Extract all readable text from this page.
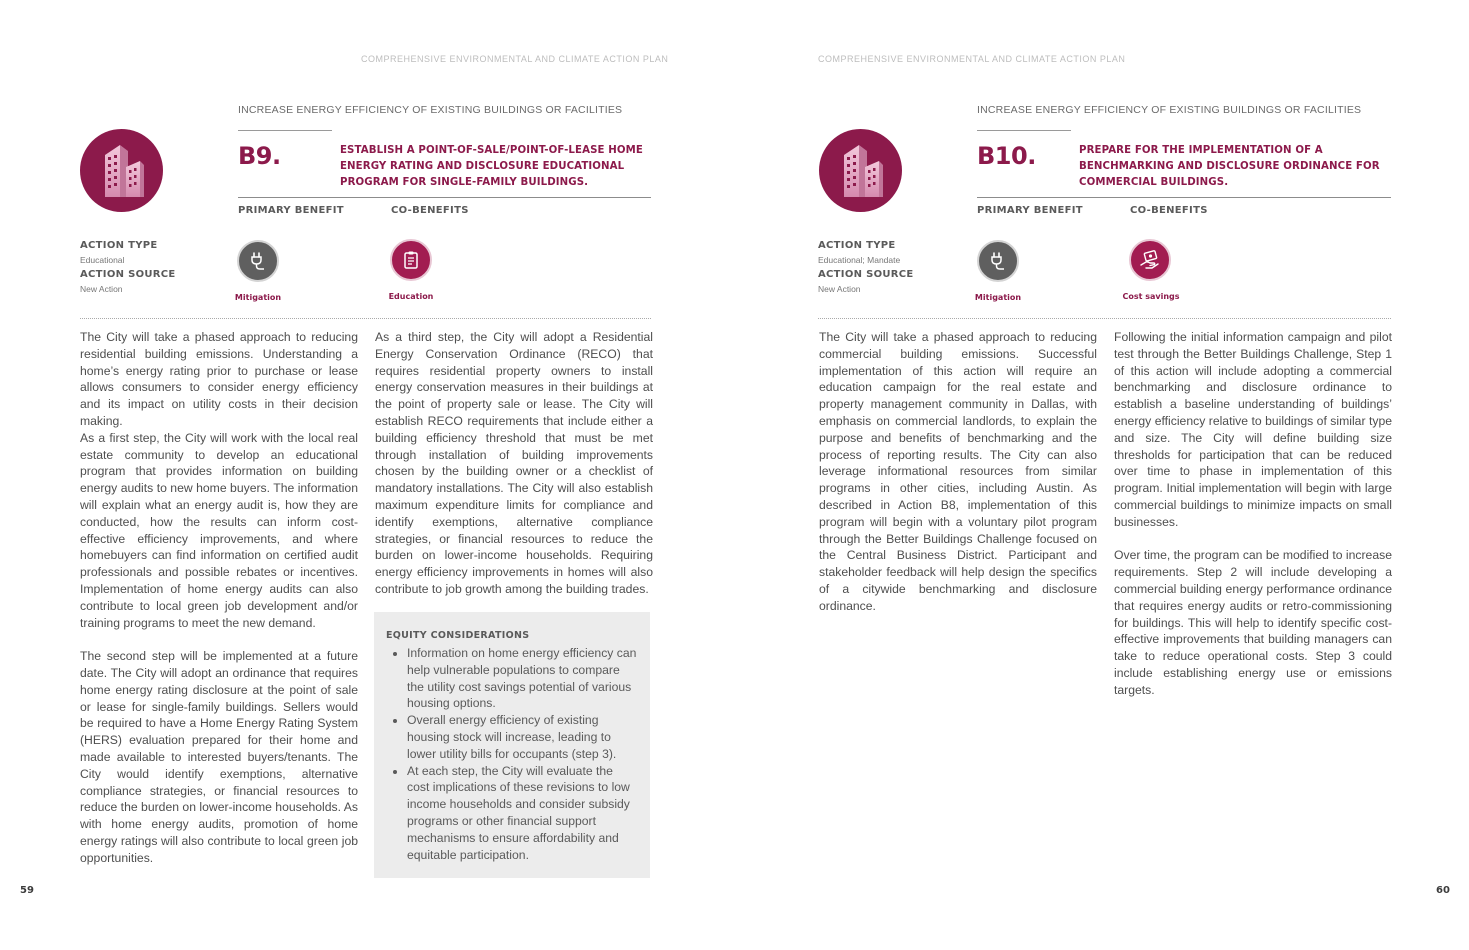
COMPREHENSIVE ENVIRONMENTAL AND CLIMATE ACTION PLAN
INCREASE ENERGY EFFICIENCY OF EXISTING BUILDINGS OR FACILITIES
B9.	ESTABLISH A POINT-OF-SALE/POINT-OF-LEASE HOME ENERGY RATING AND DISCLOSURE EDUCATIONAL PROGRAM FOR SINGLE-FAMILY BUILDINGS.
PRIMARY BENEFIT	CO-BENEFITS
ACTION TYPE
Educational
ACTION SOURCE
New Action
Mitigation	Education

The City will take a phased approach to reducing residential building emissions. Understanding a home’s energy rating prior to purchase or lease allows consumers to consider energy efficiency and its impact on utility costs in their decision making.

As a first step, the City will work with the local real estate community to develop an educational program that provides information on building energy audits to new home buyers. The information will explain what an energy audit is, how they are conducted, how the results can inform cost-effective efficiency improvements, and where homebuyers can find information on certified audit professionals and possible rebates or incentives. Implementation of home energy audits can also contribute to local green job development and/or training programs to meet the new demand.

The second step will be implemented at a future date. The City will adopt an ordinance that requires home energy rating disclosure at the point of sale or lease for single-family buildings. Sellers would be required to have a Home Energy Rating System (HERS) evaluation prepared for their home and made available to interested buyers/tenants. The City would identify exemptions, alternative compliance strategies, or financial resources to reduce the burden on lower-income households. As with home energy audits, promotion of home energy ratings will also contribute to local green job opportunities.

As a third step, the City will adopt a Residential Energy Conservation Ordinance (RECO) that requires residential property owners to install energy conservation measures in their buildings at the point of property sale or lease. The City will establish RECO requirements that include either a building efficiency threshold that must be met through installation of building improvements chosen by the building owner or a checklist of mandatory installations. The City will also establish maximum expenditure limits for compliance and identify exemptions, alternative compliance strategies, or financial resources to reduce the burden on lower-income households. Requiring energy efficiency improvements in homes will also contribute to job growth among the building trades.

EQUITY CONSIDERATIONS
• Information on home energy efficiency can help vulnerable populations to compare the utility cost savings potential of various housing options.
• Overall energy efficiency of existing housing stock will increase, leading to lower utility bills for occupants (step 3).
• At each step, the City will evaluate the cost implications of these revisions to low income households and consider subsidy programs or other financial support mechanisms to ensure affordability and equitable participation.
59
COMPREHENSIVE ENVIRONMENTAL AND CLIMATE ACTION PLAN
INCREASE ENERGY EFFICIENCY OF EXISTING BUILDINGS OR FACILITIES
B10.	PREPARE FOR THE IMPLEMENTATION OF A BENCHMARKING AND DISCLOSURE ORDINANCE FOR COMMERCIAL BUILDINGS.
PRIMARY BENEFIT	CO-BENEFITS
ACTION TYPE
Educational; Mandate
ACTION SOURCE
New Action
Mitigation	Cost savings

The City will take a phased approach to reducing commercial building emissions. Successful implementation of this action will require an education campaign for the real estate and property management community in Dallas, with emphasis on commercial landlords, to explain the purpose and benefits of benchmarking and the process of reporting results. The City can also leverage informational resources from similar programs in other cities, including Austin. As described in Action B8, implementation of this program will begin with a voluntary pilot program through the Better Buildings Challenge focused on the Central Business District. Participant and stakeholder feedback will help design the specifics of a citywide benchmarking and disclosure ordinance.

Following the initial information campaign and pilot test through the Better Buildings Challenge, Step 1 of this action will include adopting a commercial benchmarking and disclosure ordinance to establish a baseline understanding of buildings’ energy efficiency relative to buildings of similar type and size. The City will define building size thresholds for participation that can be reduced over time to phase in implementation of this program. Initial implementation will begin with large commercial buildings to minimize impacts on small businesses.

Over time, the program can be modified to increase requirements. Step 2 will include developing a commercial building energy performance ordinance that requires energy audits or retro-commissioning for buildings. This will help to identify specific cost-effective improvements that building managers can take to reduce operational costs. Step 3 could include establishing energy use or emissions targets.

60
